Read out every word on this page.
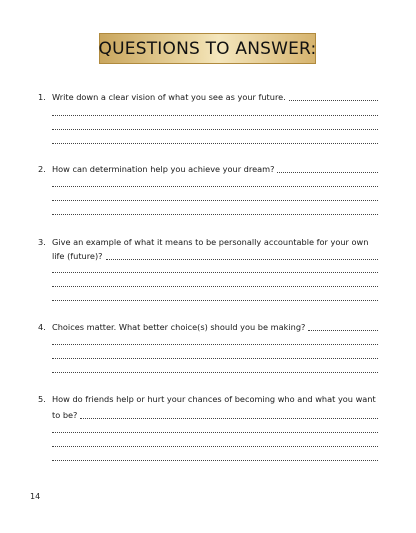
QUESTIONS TO ANSWER:
1. Write down a clear vision of what you see as your future.
2. How can determination help you achieve your dream?
3. Give an example of what it means to be personally accountable for your own
life (future)?
4. Choices matter. What better choice(s) should you be making?
5. How do friends help or hurt your chances of becoming who and what you want
to be?
14
